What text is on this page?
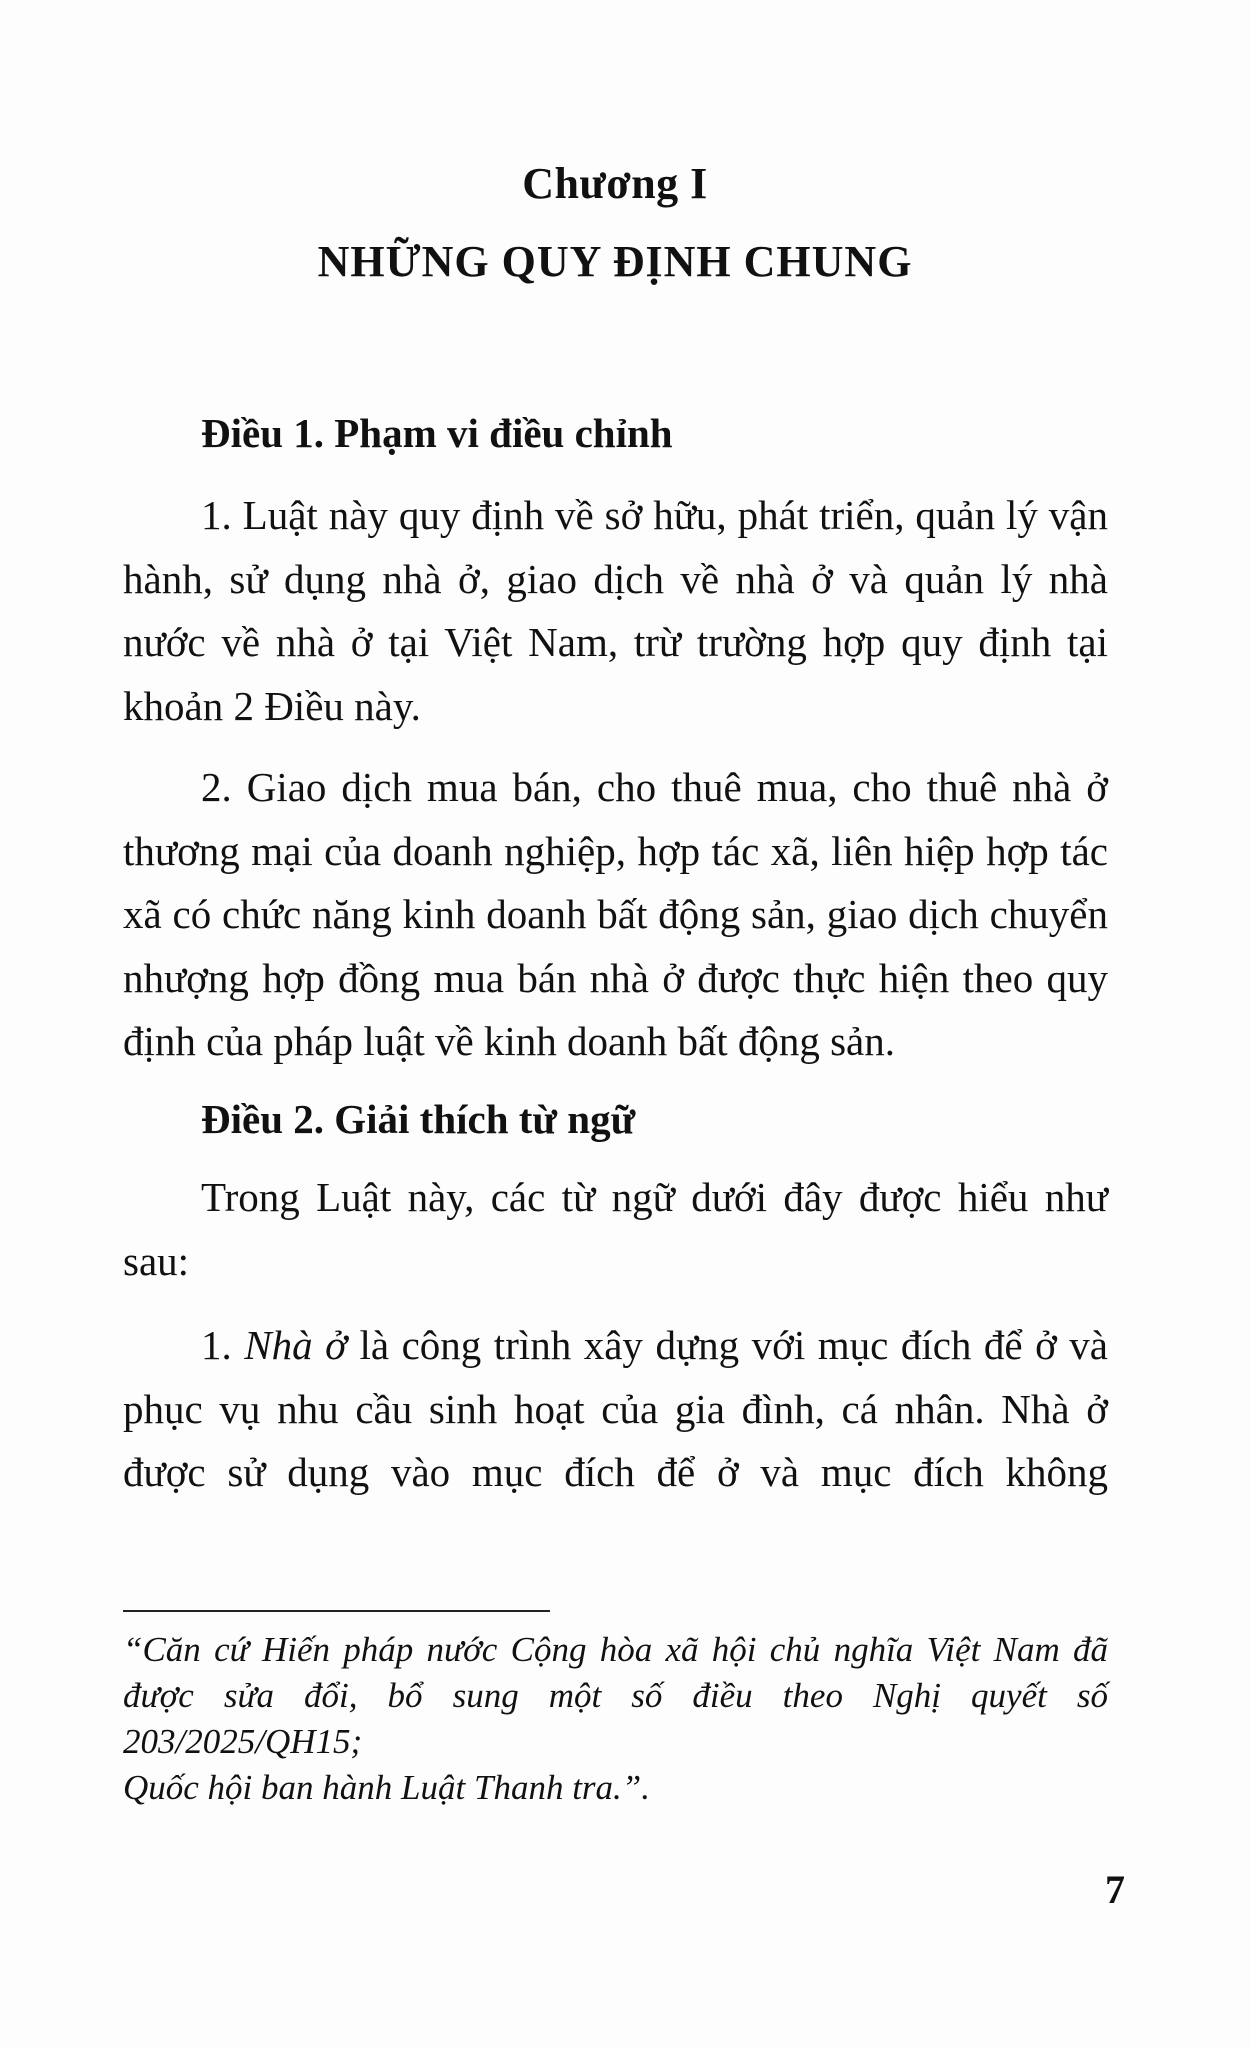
Chương I
NHỮNG QUY ĐỊNH CHUNG

Điều 1. Phạm vi điều chỉnh

1. Luật này quy định về sở hữu, phát triển, quản lý vận hành, sử dụng nhà ở, giao dịch về nhà ở và quản lý nhà nước về nhà ở tại Việt Nam, trừ trường hợp quy định tại khoản 2 Điều này.

2. Giao dịch mua bán, cho thuê mua, cho thuê nhà ở thương mại của doanh nghiệp, hợp tác xã, liên hiệp hợp tác xã có chức năng kinh doanh bất động sản, giao dịch chuyển nhượng hợp đồng mua bán nhà ở được thực hiện theo quy định của pháp luật về kinh doanh bất động sản.

Điều 2. Giải thích từ ngữ

Trong Luật này, các từ ngữ dưới đây được hiểu như sau:

1. Nhà ở là công trình xây dựng với mục đích để ở và phục vụ nhu cầu sinh hoạt của gia đình, cá nhân. Nhà ở được sử dụng vào mục đích để ở và mục đích không

“Căn cứ Hiến pháp nước Cộng hòa xã hội chủ nghĩa Việt Nam đã được sửa đổi, bổ sung một số điều theo Nghị quyết số 203/2025/QH15;

Quốc hội ban hành Luật Thanh tra.”.

7
